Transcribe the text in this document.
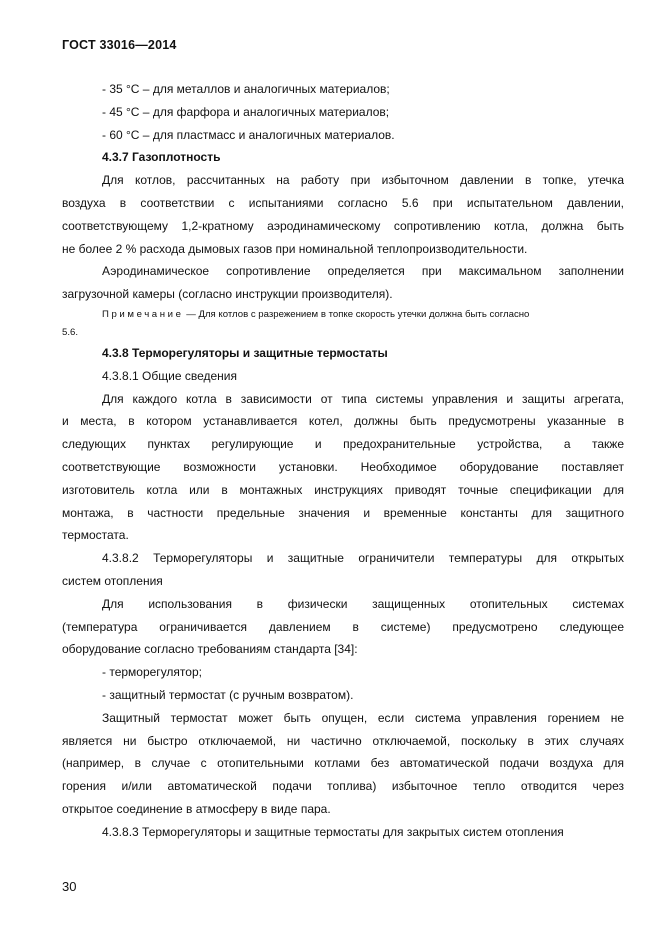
ГОСТ 33016—2014
- 35 °С – для металлов и аналогичных материалов;
- 45 °С – для фарфора и аналогичных материалов;
- 60 °С – для пластмасс и аналогичных материалов.
4.3.7 Газоплотность
Для котлов, рассчитанных на работу при избыточном давлении в топке, утечка
воздуха в соответствии с испытаниями согласно 5.6 при испытательном давлении,
соответствующему 1,2-кратному аэродинамическому сопротивлению котла, должна быть
не более 2 % расхода дымовых газов при номинальной теплопроизводительности.
Аэродинамическое сопротивление определяется при максимальном заполнении
загрузочной камеры (согласно инструкции производителя).
Примечание — Для котлов с разрежением в топке скорость утечки должна быть согласно
5.6.
4.3.8 Терморегуляторы и защитные термостаты
4.3.8.1 Общие сведения
Для каждого котла в зависимости от типа системы управления и защиты агрегата,
и места, в котором устанавливается котел, должны быть предусмотрены указанные в
следующих пунктах регулирующие и предохранительные устройства, а также
соответствующие возможности установки. Необходимое оборудование поставляет
изготовитель котла или в монтажных инструкциях приводят точные спецификации для
монтажа, в частности предельные значения и временные константы для защитного
термостата.
4.3.8.2 Терморегуляторы и защитные ограничители температуры для открытых
систем отопления
Для использования в физически защищенных отопительных системах
(температура ограничивается давлением в системе) предусмотрено следующее
оборудование согласно требованиям стандарта [34]:
- терморегулятор;
- защитный термостат (с ручным возвратом).
Защитный термостат может быть опущен, если система управления горением не
является ни быстро отключаемой, ни частично отключаемой, поскольку в этих случаях
(например, в случае с отопительными котлами без автоматической подачи воздуха для
горения и/или автоматической подачи топлива) избыточное тепло отводится через
открытое соединение в атмосферу в виде пара.
4.3.8.3 Терморегуляторы и защитные термостаты для закрытых систем отопления
30
